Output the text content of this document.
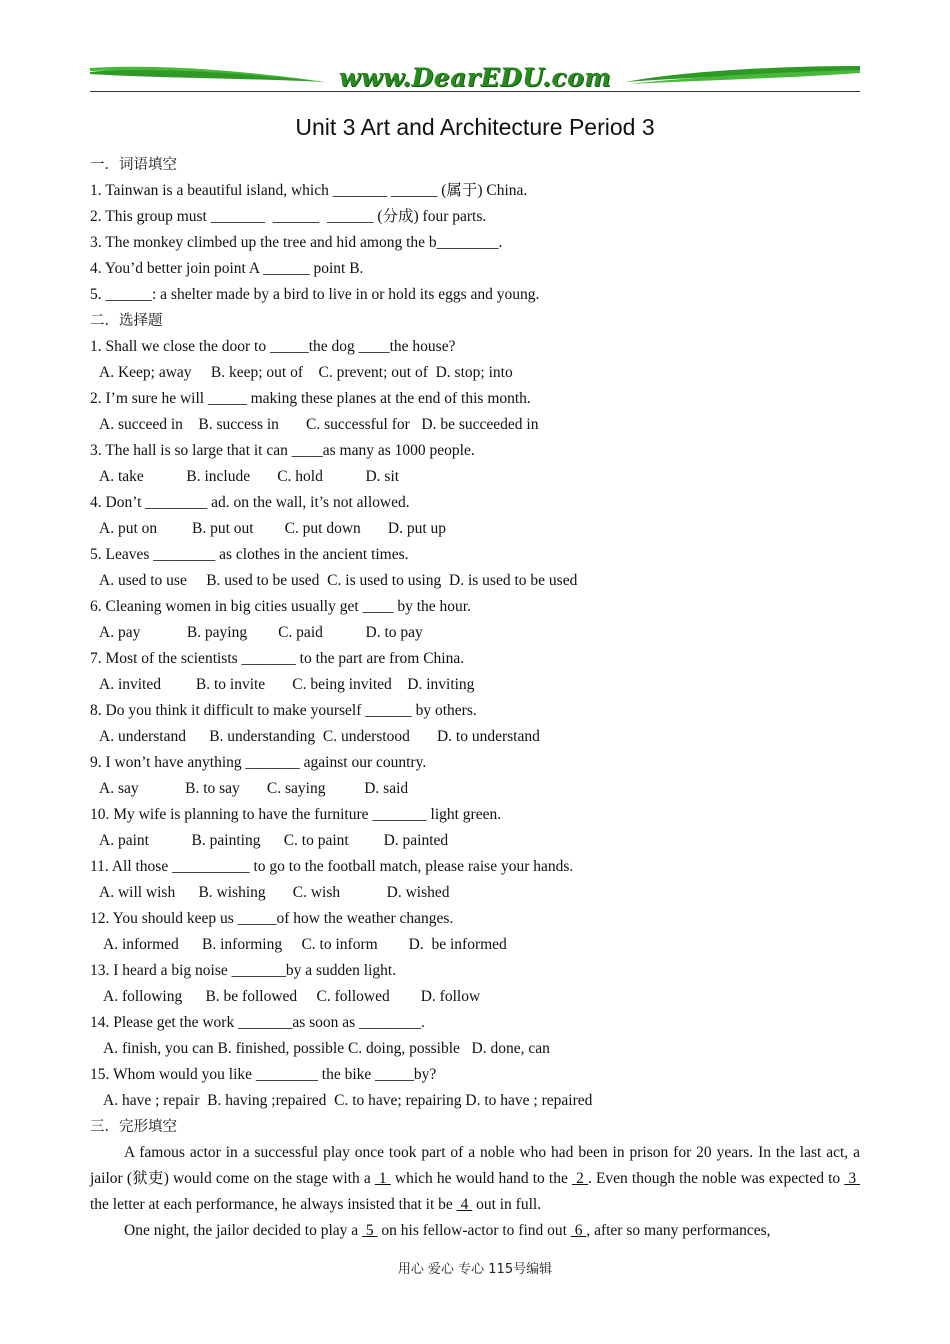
www.DearEDU.com
Unit 3 Art and Architecture Period 3
一．词语填空
1. Tainwan is a beautiful island, which _______ ______ (属于) China.
2. This group must _______  ______  ______ (分成) four parts.
3. The monkey climbed up the tree and hid among the b________.
4. You’d better join point A ______ point B.
5. ______: a shelter made by a bird to live in or hold its eggs and young.
二．选择题
1. Shall we close the door to _____the dog ____the house?
A. Keep; away     B. keep; out of    C. prevent; out of  D. stop; into
2. I’m sure he will _____ making these planes at the end of this month.
A. succeed in    B. success in       C. successful for   D. be succeeded in
3. The hall is so large that it can ____as many as 1000 people.
A. take           B. include       C. hold           D. sit
4. Don’t ________ ad. on the wall, it’s not allowed.
A. put on         B. put out        C. put down       D. put up
5. Leaves ________ as clothes in the ancient times.
A. used to use     B. used to be used  C. is used to using  D. is used to be used
6. Cleaning women in big cities usually get ____ by the hour.
A. pay            B. paying        C. paid           D. to pay
7. Most of the scientists _______ to the part are from China.
A. invited         B. to invite       C. being invited    D. inviting
8. Do you think it difficult to make yourself ______ by others.
A. understand      B. understanding  C. understood       D. to understand
9. I won’t have anything _______ against our country.
A. say            B. to say       C. saying          D. said
10. My wife is planning to have the furniture _______ light green.
A. paint           B. painting      C. to paint         D. painted
11. All those __________ to go to the football match, please raise your hands.
A. will wish      B. wishing       C. wish            D. wished
12. You should keep us _____of how the weather changes.
A. informed      B. informing     C. to inform        D.  be informed
13. I heard a big noise _______by a sudden light.
A. following      B. be followed     C. followed        D. follow
14. Please get the work _______as soon as ________.
A. finish, you can B. finished, possible C. doing, possible   D. done, can
15. Whom would you like ________ the bike _____by?
A. have ; repair  B. having ;repaired  C. to have; repairing D. to have ; repaired
三．完形填空
A famous actor in a successful play once took part of a noble who had been in prison for 20 years. In the last act, a jailor (狱吏) would come on the stage with a  1  which he would hand to the  2 . Even though the noble was expected to  3  the letter at each performance, he always insisted that it be  4  out in full.
One night, the jailor decided to play a  5  on his fellow-actor to find out  6 , after so many performances,
用心 爱心 专心 115号编辑
